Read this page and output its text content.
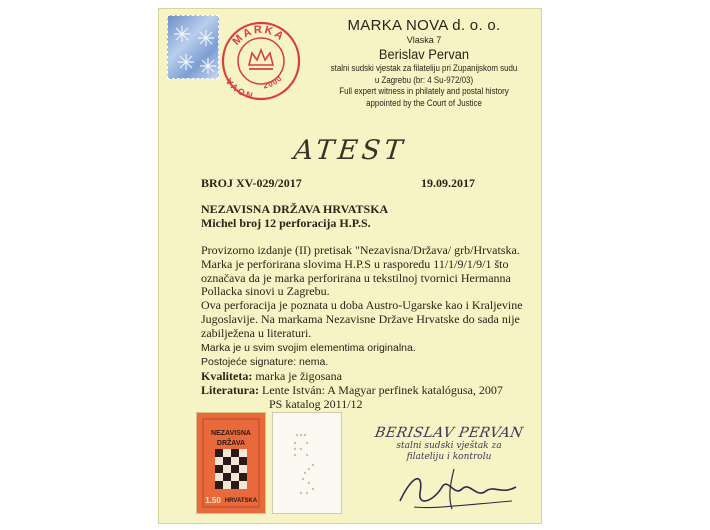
MARKA
NOVA	2000
MARKA NOVA d. o. o.
Vlaska 7
Berislav Pervan
stalni sudski vjestak za filateliju pri Zupanijskom sudu
u Zagrebu (br: 4 Su-972/03)
Full expert witness in philately and postal history
appointed by the Court of Justice
ATEST
BROJ XV-029/2017	19.09.2017
NEZAVISNA DRŽAVA HRVATSKA
Michel broj 12 perforacija H.P.S.

Provizorno izdanje (II) pretisak "Nezavisna/Država/ grb/Hrvatska. Marka je perforirana slovima H.P.S u rasporedu 11/1/9/1/9/1 što označava da je marka perforirana u tekstilnoj tvornici Hermanna Pollacka sinovi u Zagrebu.

Ova perforacija je poznata u doba Austro-Ugarske kao i Kraljevine Jugoslavije. Na markama Nezavisne Države Hrvatske do sada nije zabilježena u literaturi.

Marka je u svim svojim elementima originalna.
Postojeće signature: nema.
Kvaliteta: marka je žigosana
Literatura: Lente István: A Magyar perfinek katalógusa, 2007
PS katalog 2011/12
NEZAVISNA
DRŽAVA
1.50 HRVATSKA
BERISLAV PERVAN
stalni sudski vještak za
filateliju i kontrolu
